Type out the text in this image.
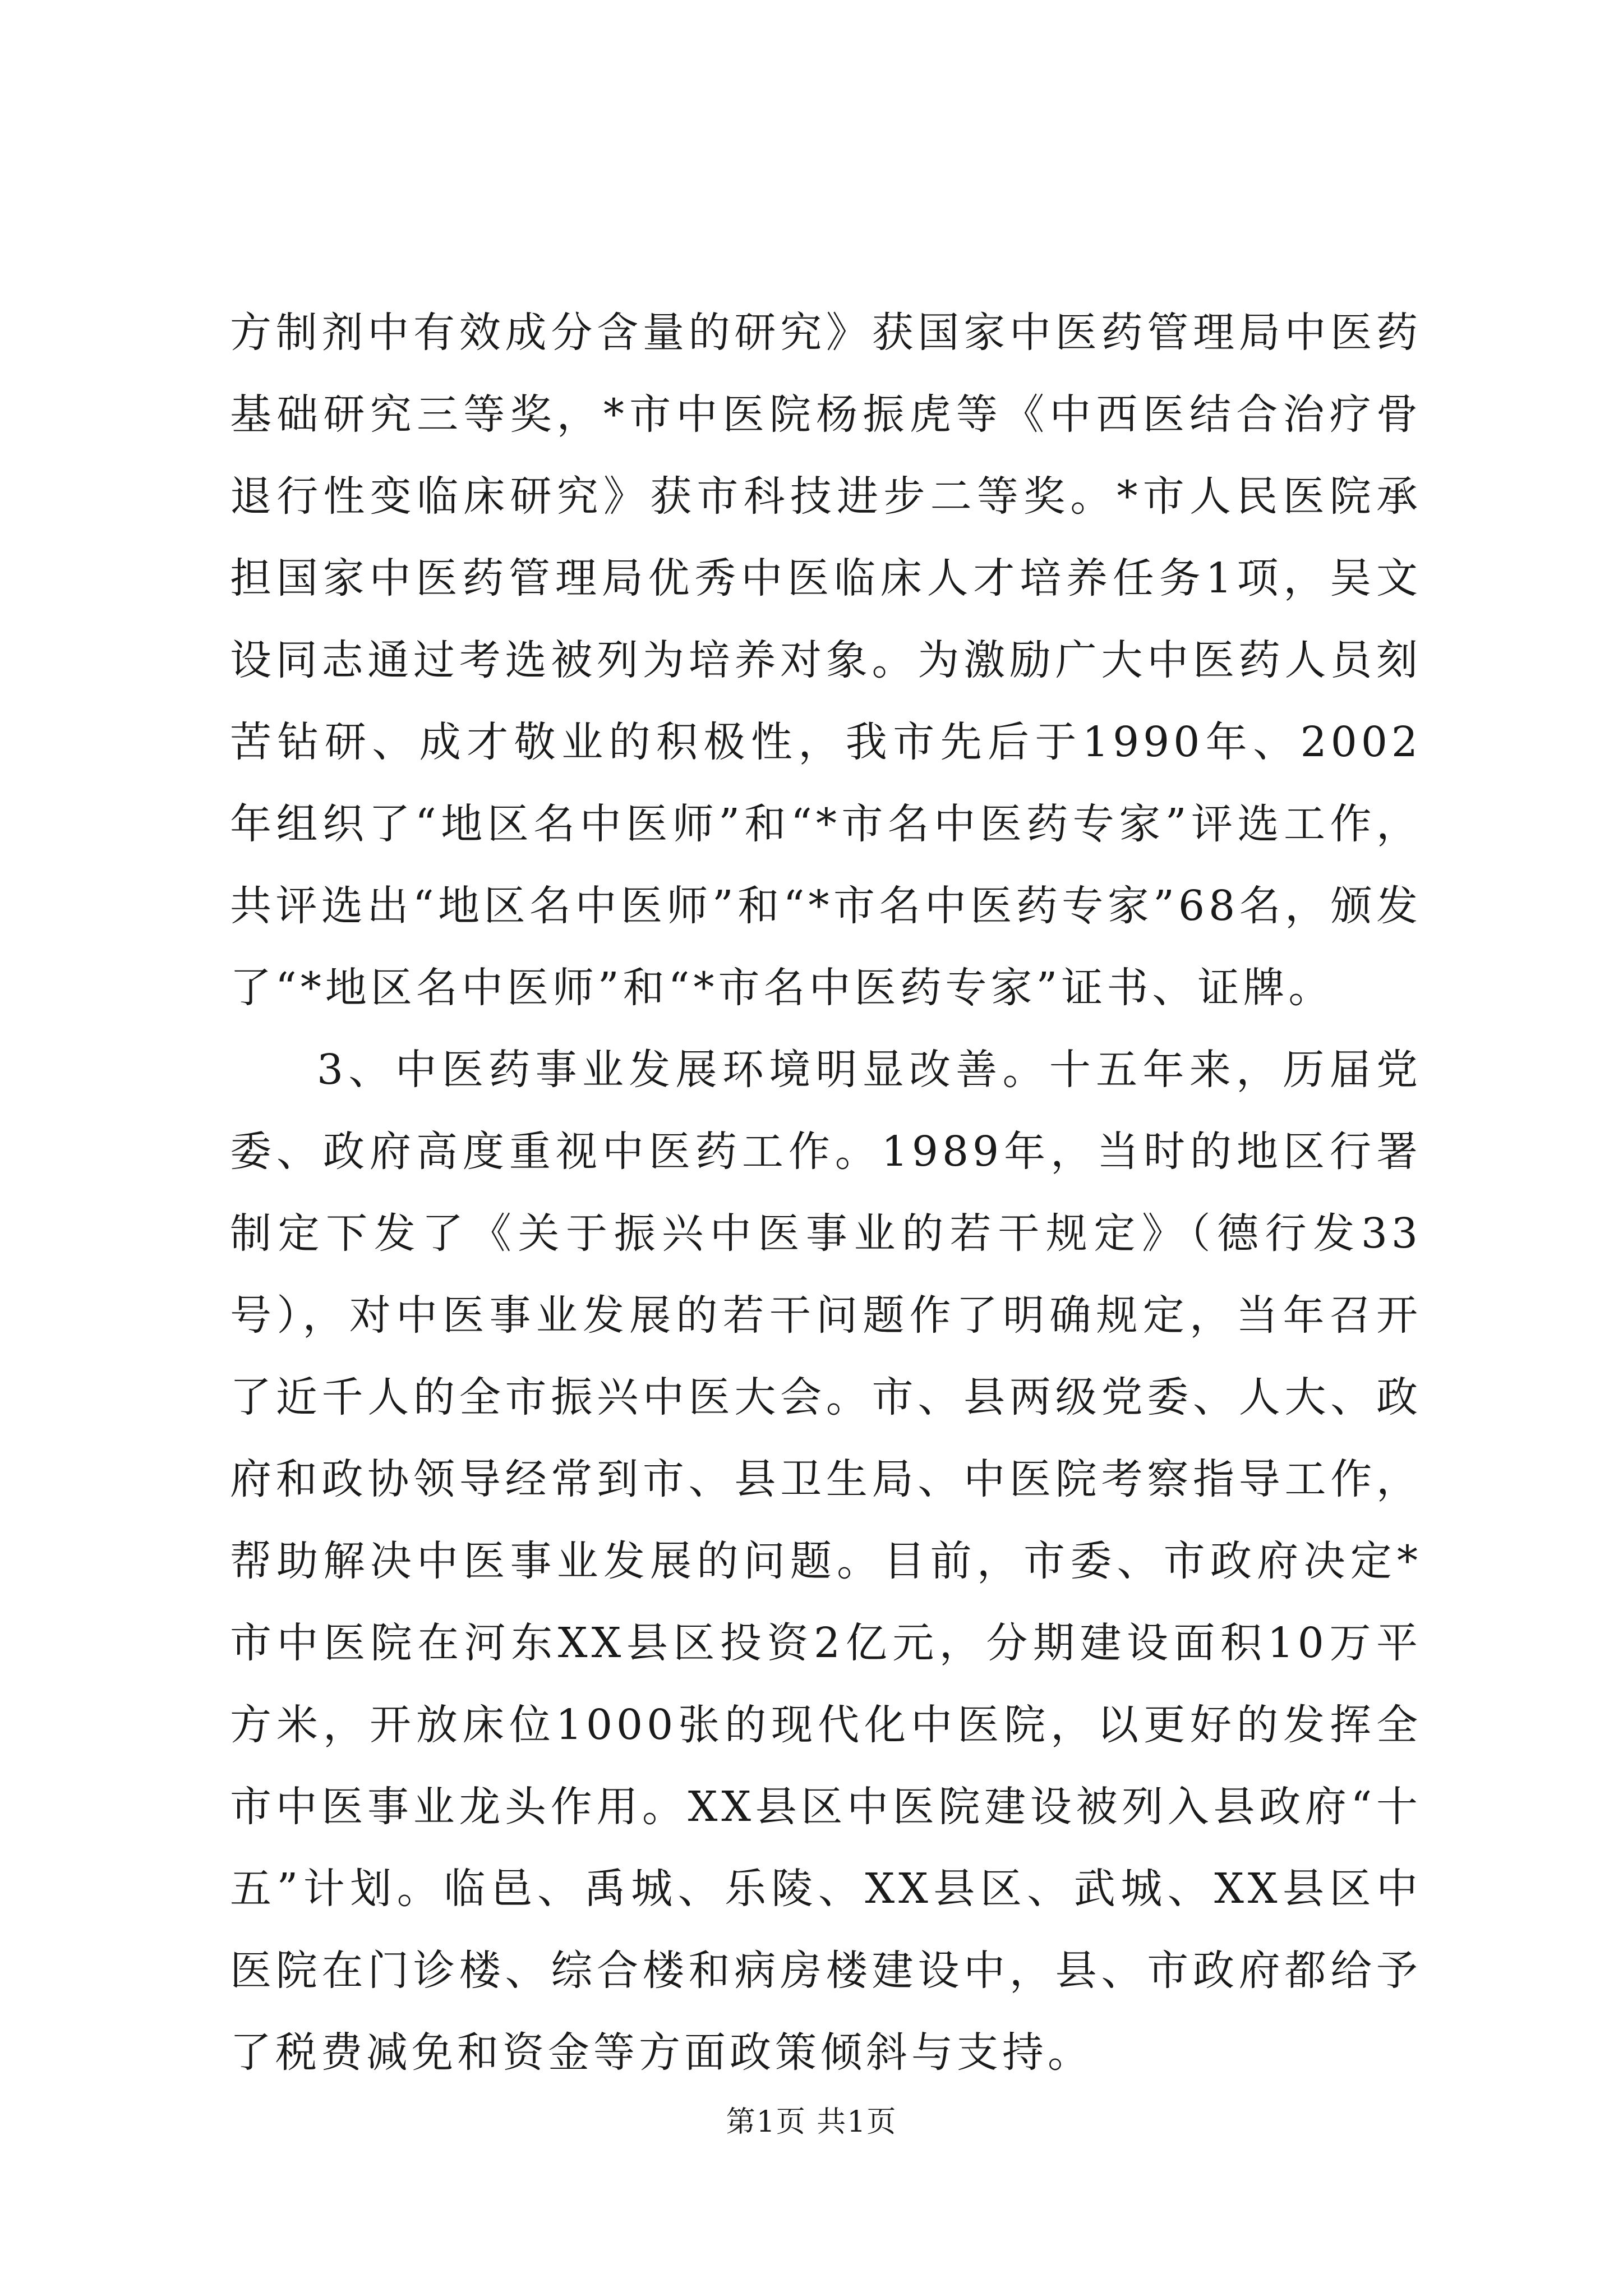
方制剂中有效成分含量的研究》获国家中医药管理局中医药基础研究三等奖，*市中医院杨振虎等《中西医结合治疗骨退行性变临床研究》获市科技进步二等奖。*市人民医院承担国家中医药管理局优秀中医临床人才培养任务1项，吴文设同志通过考选被列为培养对象。为激励广大中医药人员刻苦钻研、成才敬业的积极性，我市先后于1990年、2002年组织了“地区名中医师”和“*市名中医药专家”评选工作，共评选出“地区名中医师”和“*市名中医药专家”68名，颁发了“*地区名中医师”和“*市名中医药专家”证书、证牌。

3、中医药事业发展环境明显改善。十五年来，历届党委、政府高度重视中医药工作。1989年，当时的地区行署制定下发了《关于振兴中医事业的若干规定》（德行发33号），对中医事业发展的若干问题作了明确规定，当年召开了近千人的全市振兴中医大会。市、县两级党委、人大、政府和政协领导经常到市、县卫生局、中医院考察指导工作，帮助解决中医事业发展的问题。目前，市委、市政府决定*市中医院在河东XX县区投资2亿元，分期建设面积10万平方米，开放床位1000张的现代化中医院，以更好的发挥全市中医事业龙头作用。XX县区中医院建设被列入县政府“十五”计划。临邑、禹城、乐陵、XX县区、武城、XX县区中医院在门诊楼、综合楼和病房楼建设中，县、市政府都给予了税费减免和资金等方面政策倾斜与支持。

第1页 共1页
